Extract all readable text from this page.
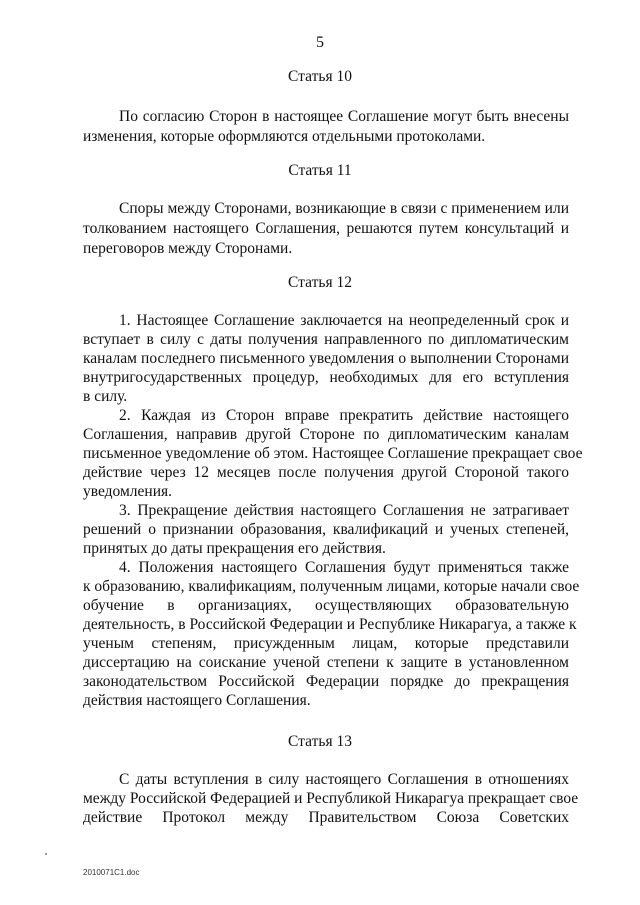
5
Статья 10
По согласию Сторон в настоящее Соглашение могут быть внесены
изменения, которые оформляются отдельными протоколами.
Статья 11
Споры между Сторонами, возникающие в связи с применением или
толкованием настоящего Соглашения, решаются путем консультаций и
переговоров между Сторонами.
Статья 12
1. Настоящее Соглашение заключается на неопределенный срок и
вступает в силу с даты получения направленного по дипломатическим
каналам последнего письменного уведомления о выполнении Сторонами
внутригосударственных процедур, необходимых для его вступления
в силу.
2. Каждая из Сторон вправе прекратить действие настоящего
Соглашения, направив другой Стороне по дипломатическим каналам
письменное уведомление об этом. Настоящее Соглашение прекращает свое
действие через 12 месяцев после получения другой Стороной такого
уведомления.
3. Прекращение действия настоящего Соглашения не затрагивает
решений о признании образования, квалификаций и ученых степеней,
принятых до даты прекращения его действия.
4. Положения настоящего Соглашения будут применяться также
к образованию, квалификациям, полученным лицами, которые начали свое
обучение в организациях, осуществляющих образовательную
деятельность, в Российской Федерации и Республике Никарагуа, а также к
ученым степеням, присужденным лицам, которые представили
диссертацию на соискание ученой степени к защите в установленном
законодательством Российской Федерации порядке до прекращения
действия настоящего Соглашения.
Статья 13
С даты вступления в силу настоящего Соглашения в отношениях
между Российской Федерацией и Республикой Никарагуа прекращает свое
действие Протокол между Правительством Союза Советских
2010071C1.doc
